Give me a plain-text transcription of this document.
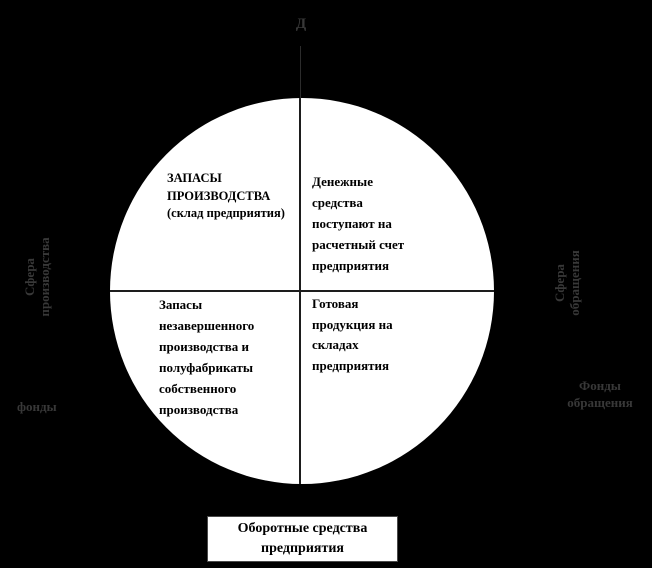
Д
ЗАПАСЫ
ПРОИЗВОДСТВА
(склад предприятия)
Денежные
средства
поступают на
расчетный счет
предприятия
Запасы
незавершенного
производства и
полуфабрикаты
собственного
производства
Готовая
продукция на
складах
предприятия
Сфера производства	Сфера обращения
фонды
Фонды
обращения
Оборотные средства
предприятия
